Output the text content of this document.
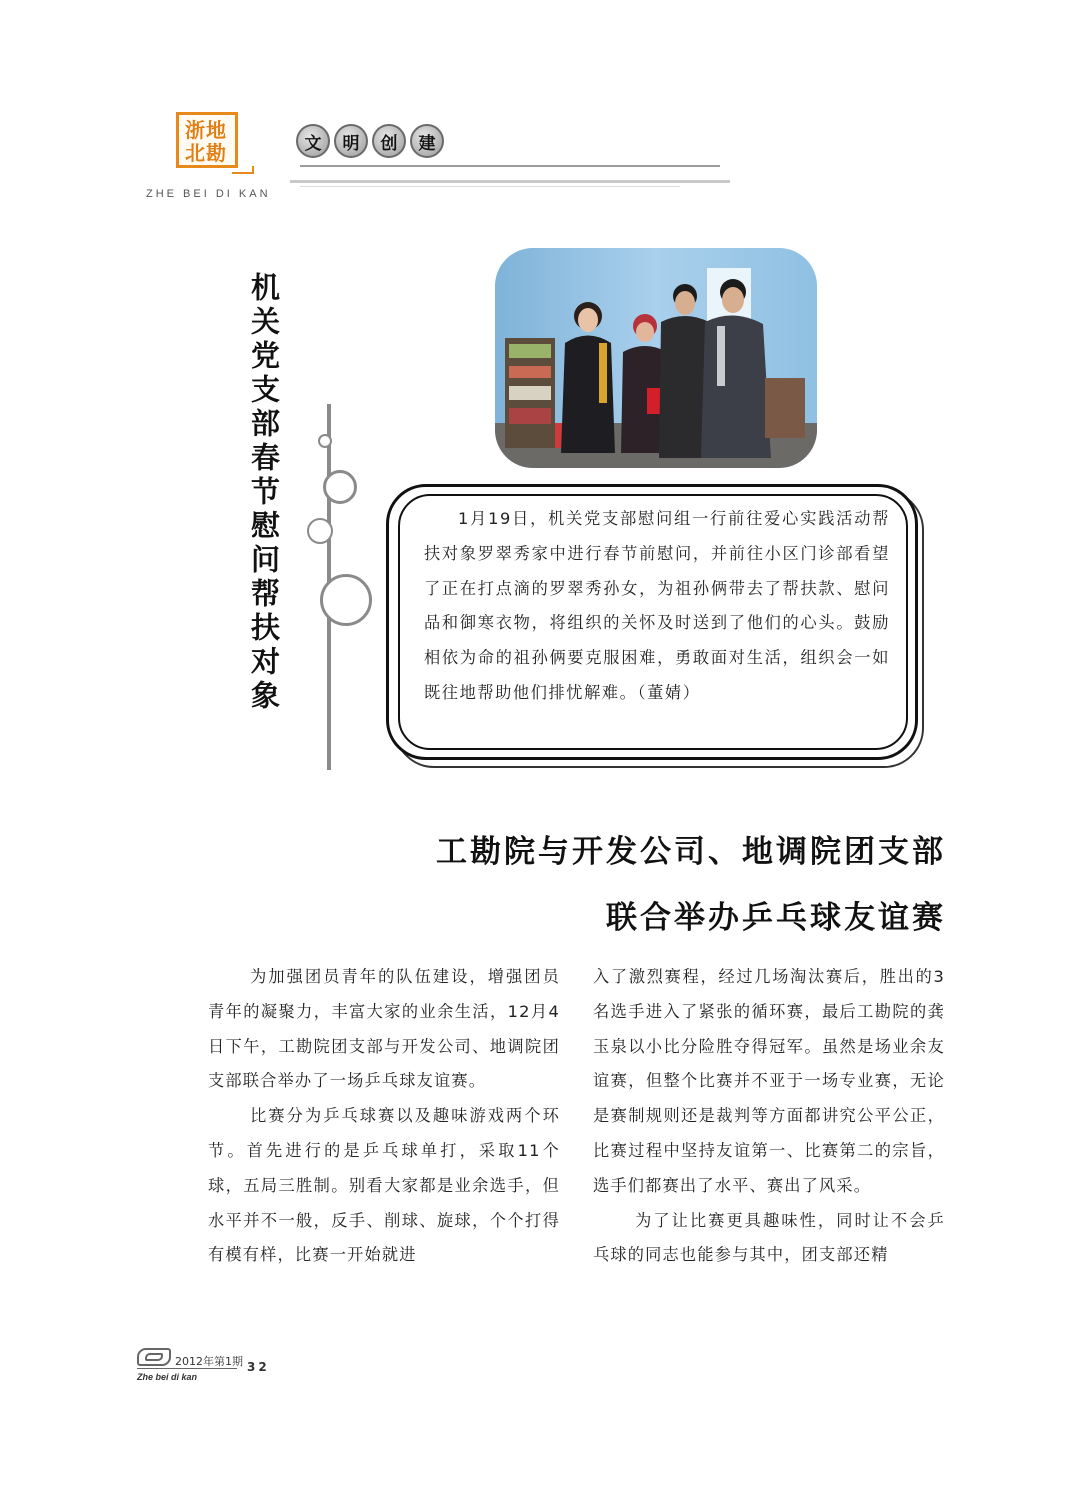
浙地
北勘
ZHE BEI DI KAN
文	明	创	建
机关党支部春节慰问帮扶对象	1月19日，机关党支部慰问组一行前往爱心实践活动帮扶对象罗翠秀家中进行春节前慰问，并前往小区门诊部看望了正在打点滴的罗翠秀孙女，为祖孙俩带去了帮扶款、慰问品和御寒衣物，将组织的关怀及时送到了他们的心头。鼓励相依为命的祖孙俩要克服困难，勇敢面对生活，组织会一如既往地帮助他们排忧解难。（董婧）

工勘院与开发公司、地调院团支部
联合举办乒乓球友谊赛

为加强团员青年的队伍建设，增强团员青年的凝聚力，丰富大家的业余生活，12月4日下午，工勘院团支部与开发公司、地调院团支部联合举办了一场乒乓球友谊赛。

比赛分为乒乓球赛以及趣味游戏两个环节。首先进行的是乒乓球单打，采取11个球，五局三胜制。别看大家都是业余选手，但水平并不一般，反手、削球、旋球，个个打得有模有样，比赛一开始就进

入了激烈赛程，经过几场淘汰赛后，胜出的3名选手进入了紧张的循环赛，最后工勘院的龚玉泉以小比分险胜夺得冠军。虽然是场业余友谊赛，但整个比赛并不亚于一场专业赛，无论是赛制规则还是裁判等方面都讲究公平公正，比赛过程中坚持友谊第一、比赛第二的宗旨，选手们都赛出了水平、赛出了风采。

为了让比赛更具趣味性，同时让不会乒乓球的同志也能参与其中，团支部还精

2012年第1期 32
Zhe bei di kan
